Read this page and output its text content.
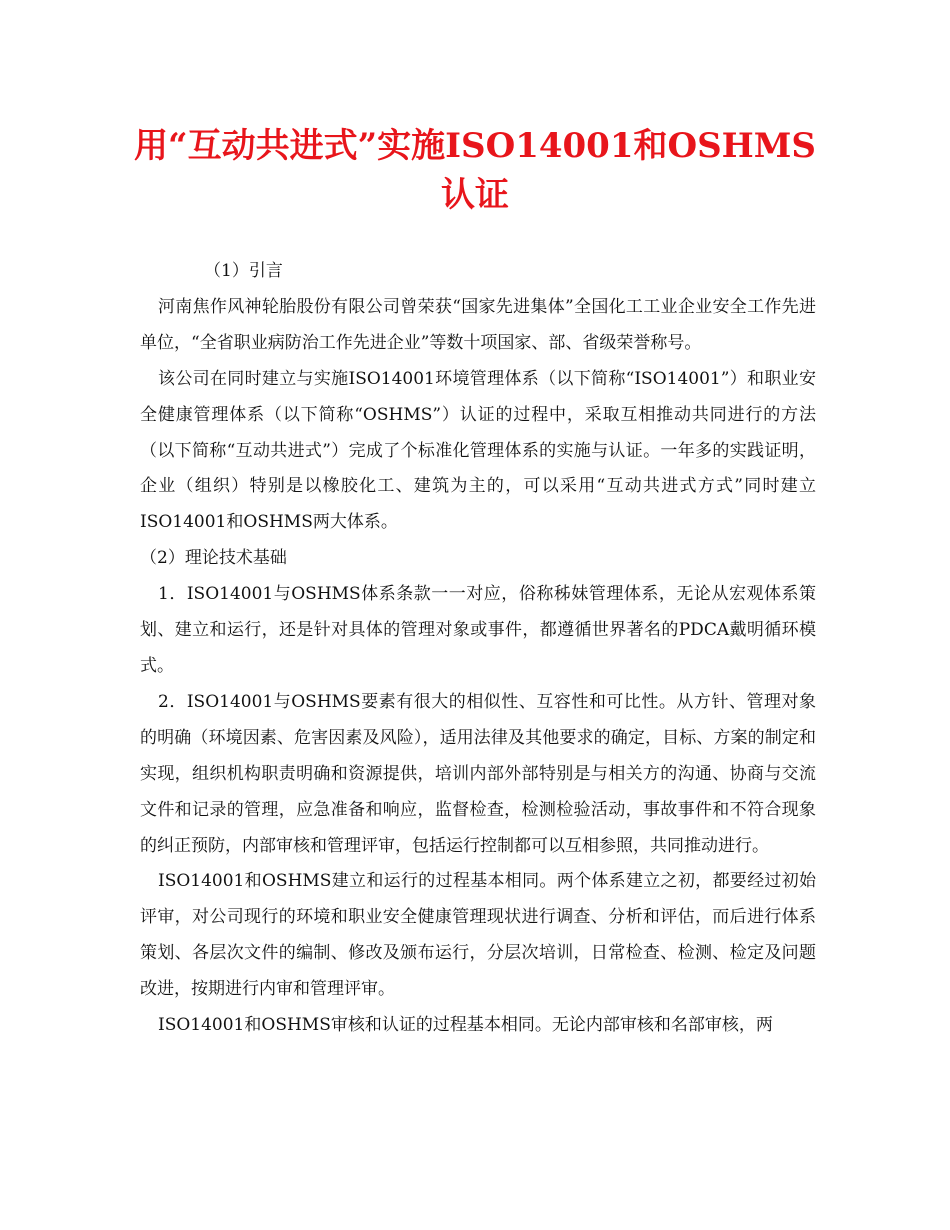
用“互动共进式”实施ISO14001和OSHMS认证

（1）引言

河南焦作风神轮胎股份有限公司曾荣获“国家先进集体”全国化工工业企业安全工作先进单位，“全省职业病防治工作先进企业”等数十项国家、部、省级荣誉称号。

该公司在同时建立与实施ISO14001环境管理体系（以下简称“ISO14001”）和职业安全健康管理体系（以下简称“OSHMS”）认证的过程中，采取互相推动共同进行的方法（以下简称“互动共进式”）完成了个标准化管理体系的实施与认证。一年多的实践证明，企业（组织）特别是以橡胶化工、建筑为主的，可以采用“互动共进式方式”同时建立ISO14001和OSHMS两大体系。

（2）理论技术基础

1．ISO14001与OSHMS体系条款一一对应，俗称秭妹管理体系，无论从宏观体系策划、建立和运行，还是针对具体的管理对象或事件，都遵循世界著名的PDCA戴明循环模式。

2．ISO14001与OSHMS要素有很大的相似性、互容性和可比性。从方针、管理对象的明确（环境因素、危害因素及风险），适用法律及其他要求的确定，目标、方案的制定和实现，组织机构职责明确和资源提供，培训内部外部特别是与相关方的沟通、协商与交流文件和记录的管理，应急准备和响应，监督检查，检测检验活动，事故事件和不符合现象的纠正预防，内部审核和管理评审，包括运行控制都可以互相参照，共同推动进行。

ISO14001和OSHMS建立和运行的过程基本相同。两个体系建立之初，都要经过初始评审，对公司现行的环境和职业安全健康管理现状进行调查、分析和评估，而后进行体系策划、各层次文件的编制、修改及颁布运行，分层次培训，日常检查、检测、检定及问题改进，按期进行内审和管理评审。

ISO14001和OSHMS审核和认证的过程基本相同。无论内部审核和名部审核，两
